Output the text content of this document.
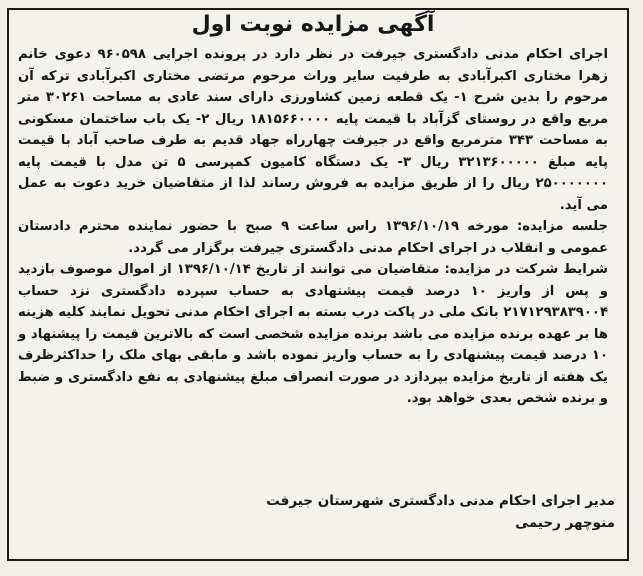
آگهی مزایده نوبت اول

اجرای احکام مدنی دادگستری جیرفت در نظر دارد در پرونده اجرایی ۹۶۰۵۹۸ دعوی خانم زهرا مختاری اکبرآبادی به طرفیت سایر وراث مرحوم مرتضی مختاری اکبرآبادی ترکه آن مرحوم را بدین شرح ۱- یک قطعه زمین کشاورزی دارای سند عادی به مساحت ۳۰۲۶۱ متر مربع واقع در روستای گزآباد با قیمت پایه ۱۸۱۵۶۶۰۰۰۰ ریال ۲- یک باب ساختمان مسکونی به مساحت ۳۴۳ مترمربع واقع در جیرفت چهارراه جهاد قدیم به طرف صاحب آباد با قیمت پایه مبلغ ۳۲۱۳۶۰۰۰۰۰ ریال ۳- یک دستگاه کامیون کمپرسی ۵ تن مدل با قیمت پایه ۲۵۰۰۰۰۰۰۰ ریال را از طریق مزایده به فروش رساند لذا از متقاضیان خرید دعوت به عمل می آید.

جلسه مزایده: مورخه ۱۳۹۶/۱۰/۱۹ راس ساعت ۹ صبح با حضور نماینده محترم دادستان عمومی و انقلاب در اجرای احکام مدنی دادگستری جیرفت برگزار می گردد.

شرایط شرکت در مزایده: متقاضیان می توانند از تاریخ ۱۳۹۶/۱۰/۱۴ از اموال موصوف بازدید و پس از واریز ۱۰ درصد قیمت پیشنهادی به حساب سپرده دادگستری نزد حساب ۲۱۷۱۲۹۳۸۳۹۰۰۴ بانک ملی در پاکت درب بسته به اجرای احکام مدنی تحویل نمایند کلیه هزینه ها بر عهده برنده مزایده می باشد برنده مزایده شخصی است که بالاترین قیمت را پیشنهاد و ۱۰ درصد قیمت پیشنهادی را به حساب واریز نموده باشد و مابقی بهای ملک را حداکثرظرف یک هفته از تاریخ مزایده بپردازد در صورت انصراف مبلغ پیشنهادی به نفع دادگستری و ضبط و برنده شخص بعدی خواهد بود.

مدیر اجرای احکام مدنی دادگستری شهرستان جیرفت
منوچهر رحیمی
